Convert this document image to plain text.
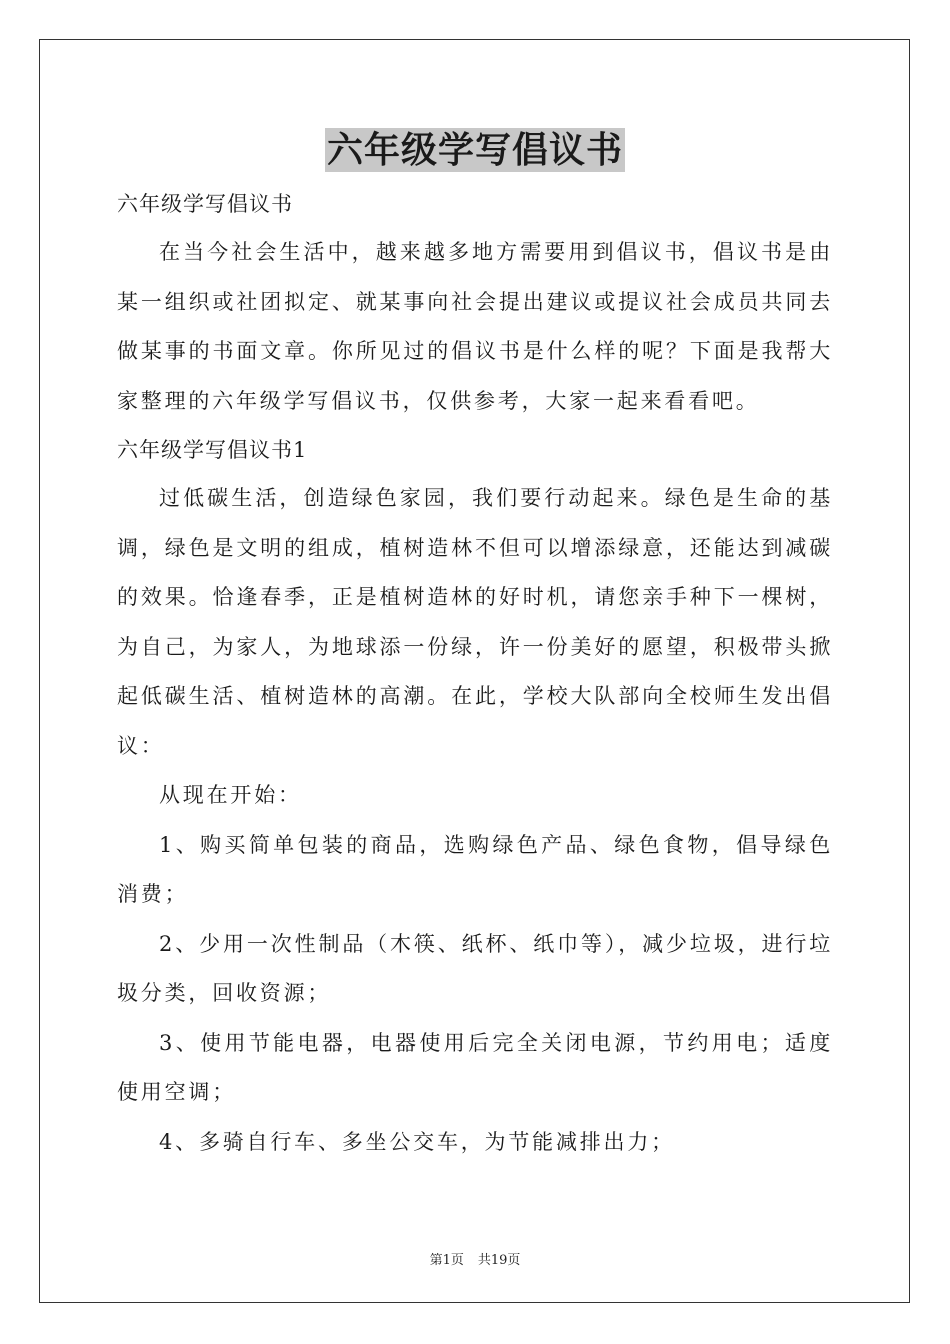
六年级学写倡议书

六年级学写倡议书

在当今社会生活中，越来越多地方需要用到倡议书，倡议书是由某一组织或社团拟定、就某事向社会提出建议或提议社会成员共同去做某事的书面文章。你所见过的倡议书是什么样的呢？下面是我帮大家整理的六年级学写倡议书，仅供参考，大家一起来看看吧。

六年级学写倡议书1

过低碳生活，创造绿色家园，我们要行动起来。绿色是生命的基调，绿色是文明的组成，植树造林不但可以增添绿意，还能达到减碳的效果。恰逢春季，正是植树造林的好时机，请您亲手种下一棵树，为自己，为家人，为地球添一份绿，许一份美好的愿望，积极带头掀起低碳生活、植树造林的高潮。在此，学校大队部向全校师生发出倡议：

从现在开始：

1、购买简单包装的商品，选购绿色产品、绿色食物，倡导绿色消费；

2、少用一次性制品（木筷、纸杯、纸巾等），减少垃圾，进行垃圾分类，回收资源；

3、使用节能电器，电器使用后完全关闭电源，节约用电；适度使用空调；

4、多骑自行车、多坐公交车，为节能减排出力；

第1页 共19页
